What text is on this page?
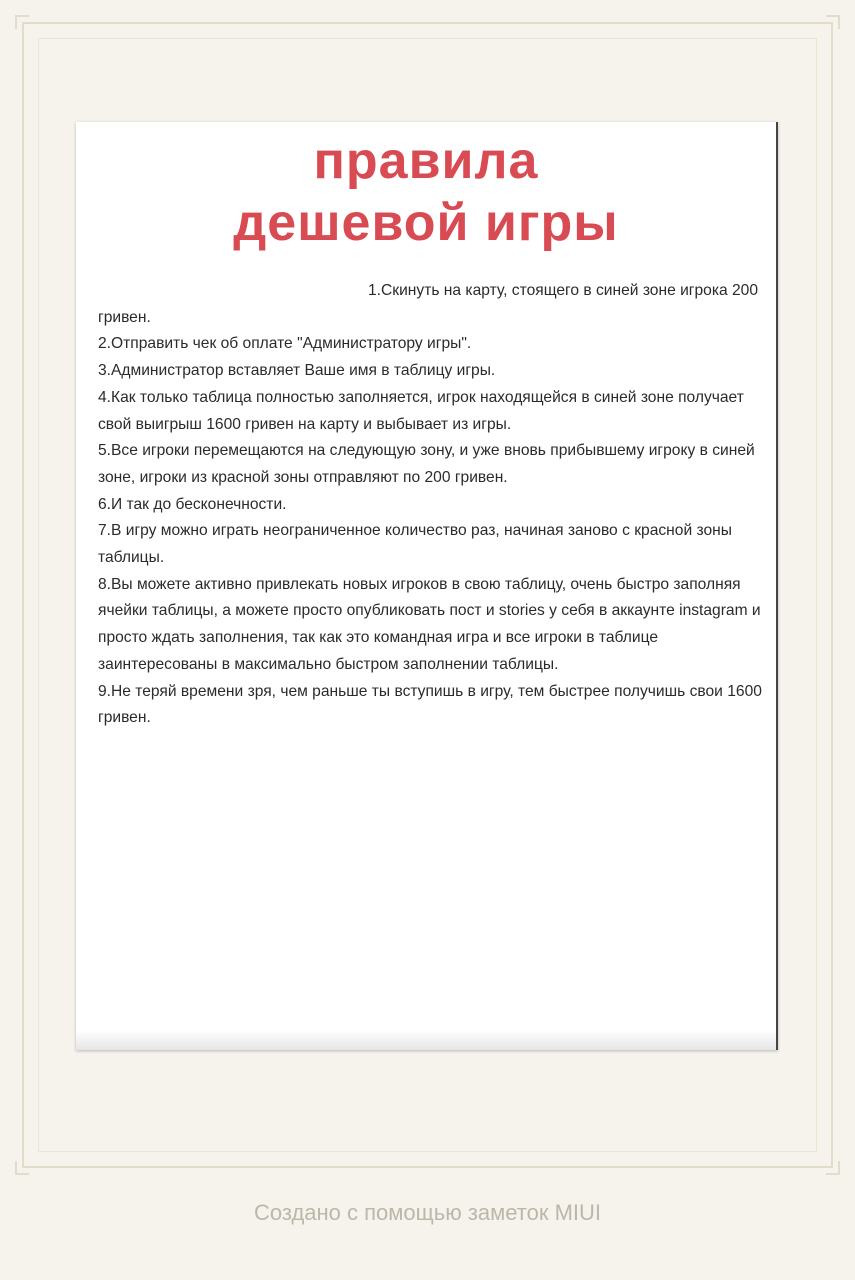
правила
дешевой игры
1.Скинуть на карту, стоящего в синей зоне игрока 200 гривен.
2.Отправить чек об оплате "Администратору игры".
3.Администратор вставляет Ваше имя в таблицу игры.
4.Как только таблица полностью заполняется, игрок находящейся в синей зоне получает свой выигрыш 1600 гривен на карту и выбывает из игры.
5.Все игроки перемещаются на следующую зону, и уже вновь прибывшему игроку в синей зоне, игроки из красной зоны отправляют по 200 гривен.
6.И так до бесконечности.
7.В игру можно играть неограниченное количество раз, начиная заново с красной зоны таблицы.
8.Вы можете активно привлекать новых игроков в свою таблицу, очень быстро заполняя ячейки таблицы, а можете просто опубликовать пост и stories у себя в аккаунте instagram и просто ждать заполнения, так как это командная игра и все игроки в таблице заинтересованы в максимально быстром заполнении таблицы.
9.Не теряй времени зря, чем раньше ты вступишь в игру, тем быстрее получишь свои 1600 гривен.
Создано с помощью заметок MIUI
